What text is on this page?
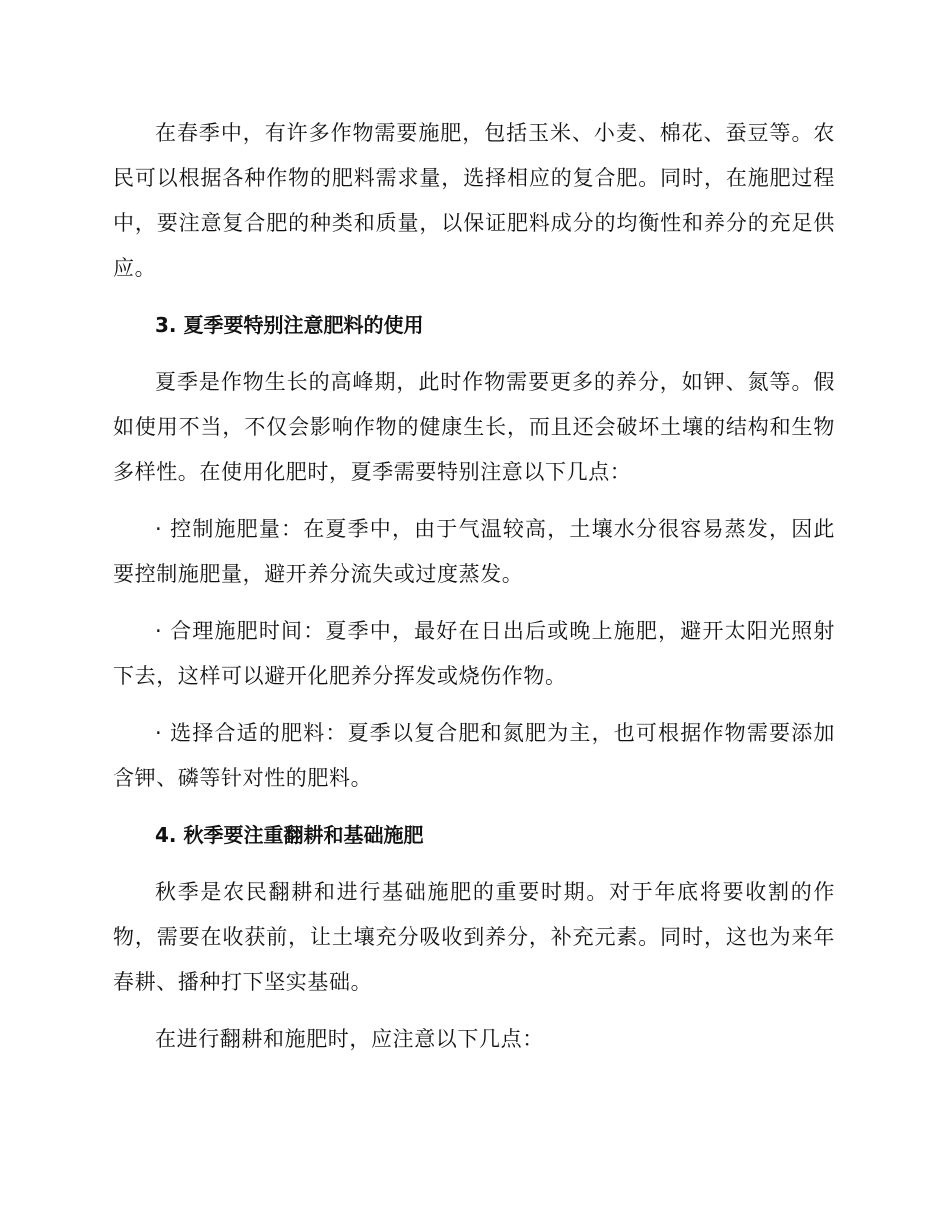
在春季中，有许多作物需要施肥，包括玉米、小麦、棉花、蚕豆等。农民可以根据各种作物的肥料需求量，选择相应的复合肥。同时，在施肥过程中，要注意复合肥的种类和质量，以保证肥料成分的均衡性和养分的充足供应。

3. 夏季要特别注意肥料的使用

夏季是作物生长的高峰期，此时作物需要更多的养分，如钾、氮等。假如使用不当，不仅会影响作物的健康生长，而且还会破坏土壤的结构和生物多样性。在使用化肥时，夏季需要特别注意以下几点：

· 控制施肥量：在夏季中，由于气温较高，土壤水分很容易蒸发，因此要控制施肥量，避开养分流失或过度蒸发。

· 合理施肥时间：夏季中，最好在日出后或晚上施肥，避开太阳光照射下去，这样可以避开化肥养分挥发或烧伤作物。

· 选择合适的肥料：夏季以复合肥和氮肥为主，也可根据作物需要添加含钾、磷等针对性的肥料。

4. 秋季要注重翻耕和基础施肥

秋季是农民翻耕和进行基础施肥的重要时期。对于年底将要收割的作物，需要在收获前，让土壤充分吸收到养分，补充元素。同时，这也为来年春耕、播种打下坚实基础。

在进行翻耕和施肥时，应注意以下几点：
